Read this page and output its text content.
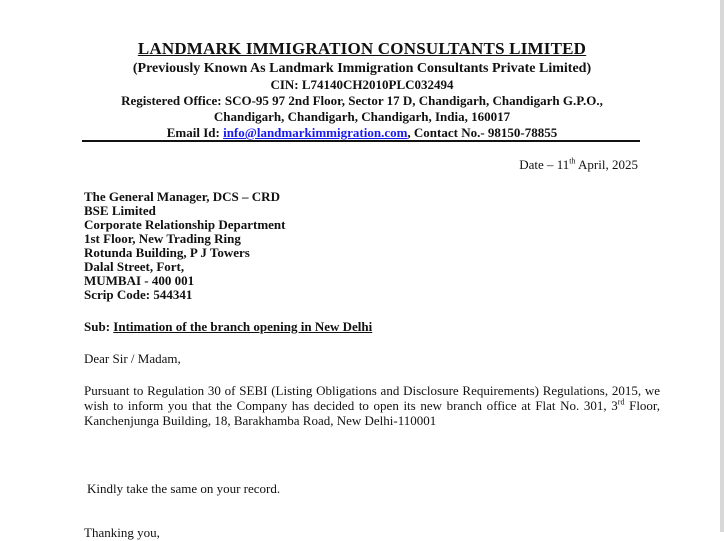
LANDMARK IMMIGRATION CONSULTANTS LIMITED
(Previously Known As Landmark Immigration Consultants Private Limited)
CIN: L74140CH2010PLC032494
Registered Office: SCO-95 97 2nd Floor, Sector 17 D, Chandigarh, Chandigarh G.P.O.,
Chandigarh, Chandigarh, Chandigarh, India, 160017
Email Id: info@landmarkimmigration.com, Contact No.- 98150-78855
Date – 11th April, 2025
The General Manager, DCS – CRD
BSE Limited
Corporate Relationship Department
1st Floor, New Trading Ring
Rotunda Building, P J Towers
Dalal Street, Fort,
MUMBAI - 400 001
Scrip Code: 544341
Sub: Intimation of the branch opening in New Delhi
Dear Sir / Madam,
Pursuant to Regulation 30 of SEBI (Listing Obligations and Disclosure Requirements) Regulations, 2015, we wish to inform you that the Company has decided to open its new branch office at Flat No. 301, 3rd Floor, Kanchenjunga Building, 18, Barakhamba Road, New Delhi-110001
Kindly take the same on your record.
Thanking you,
